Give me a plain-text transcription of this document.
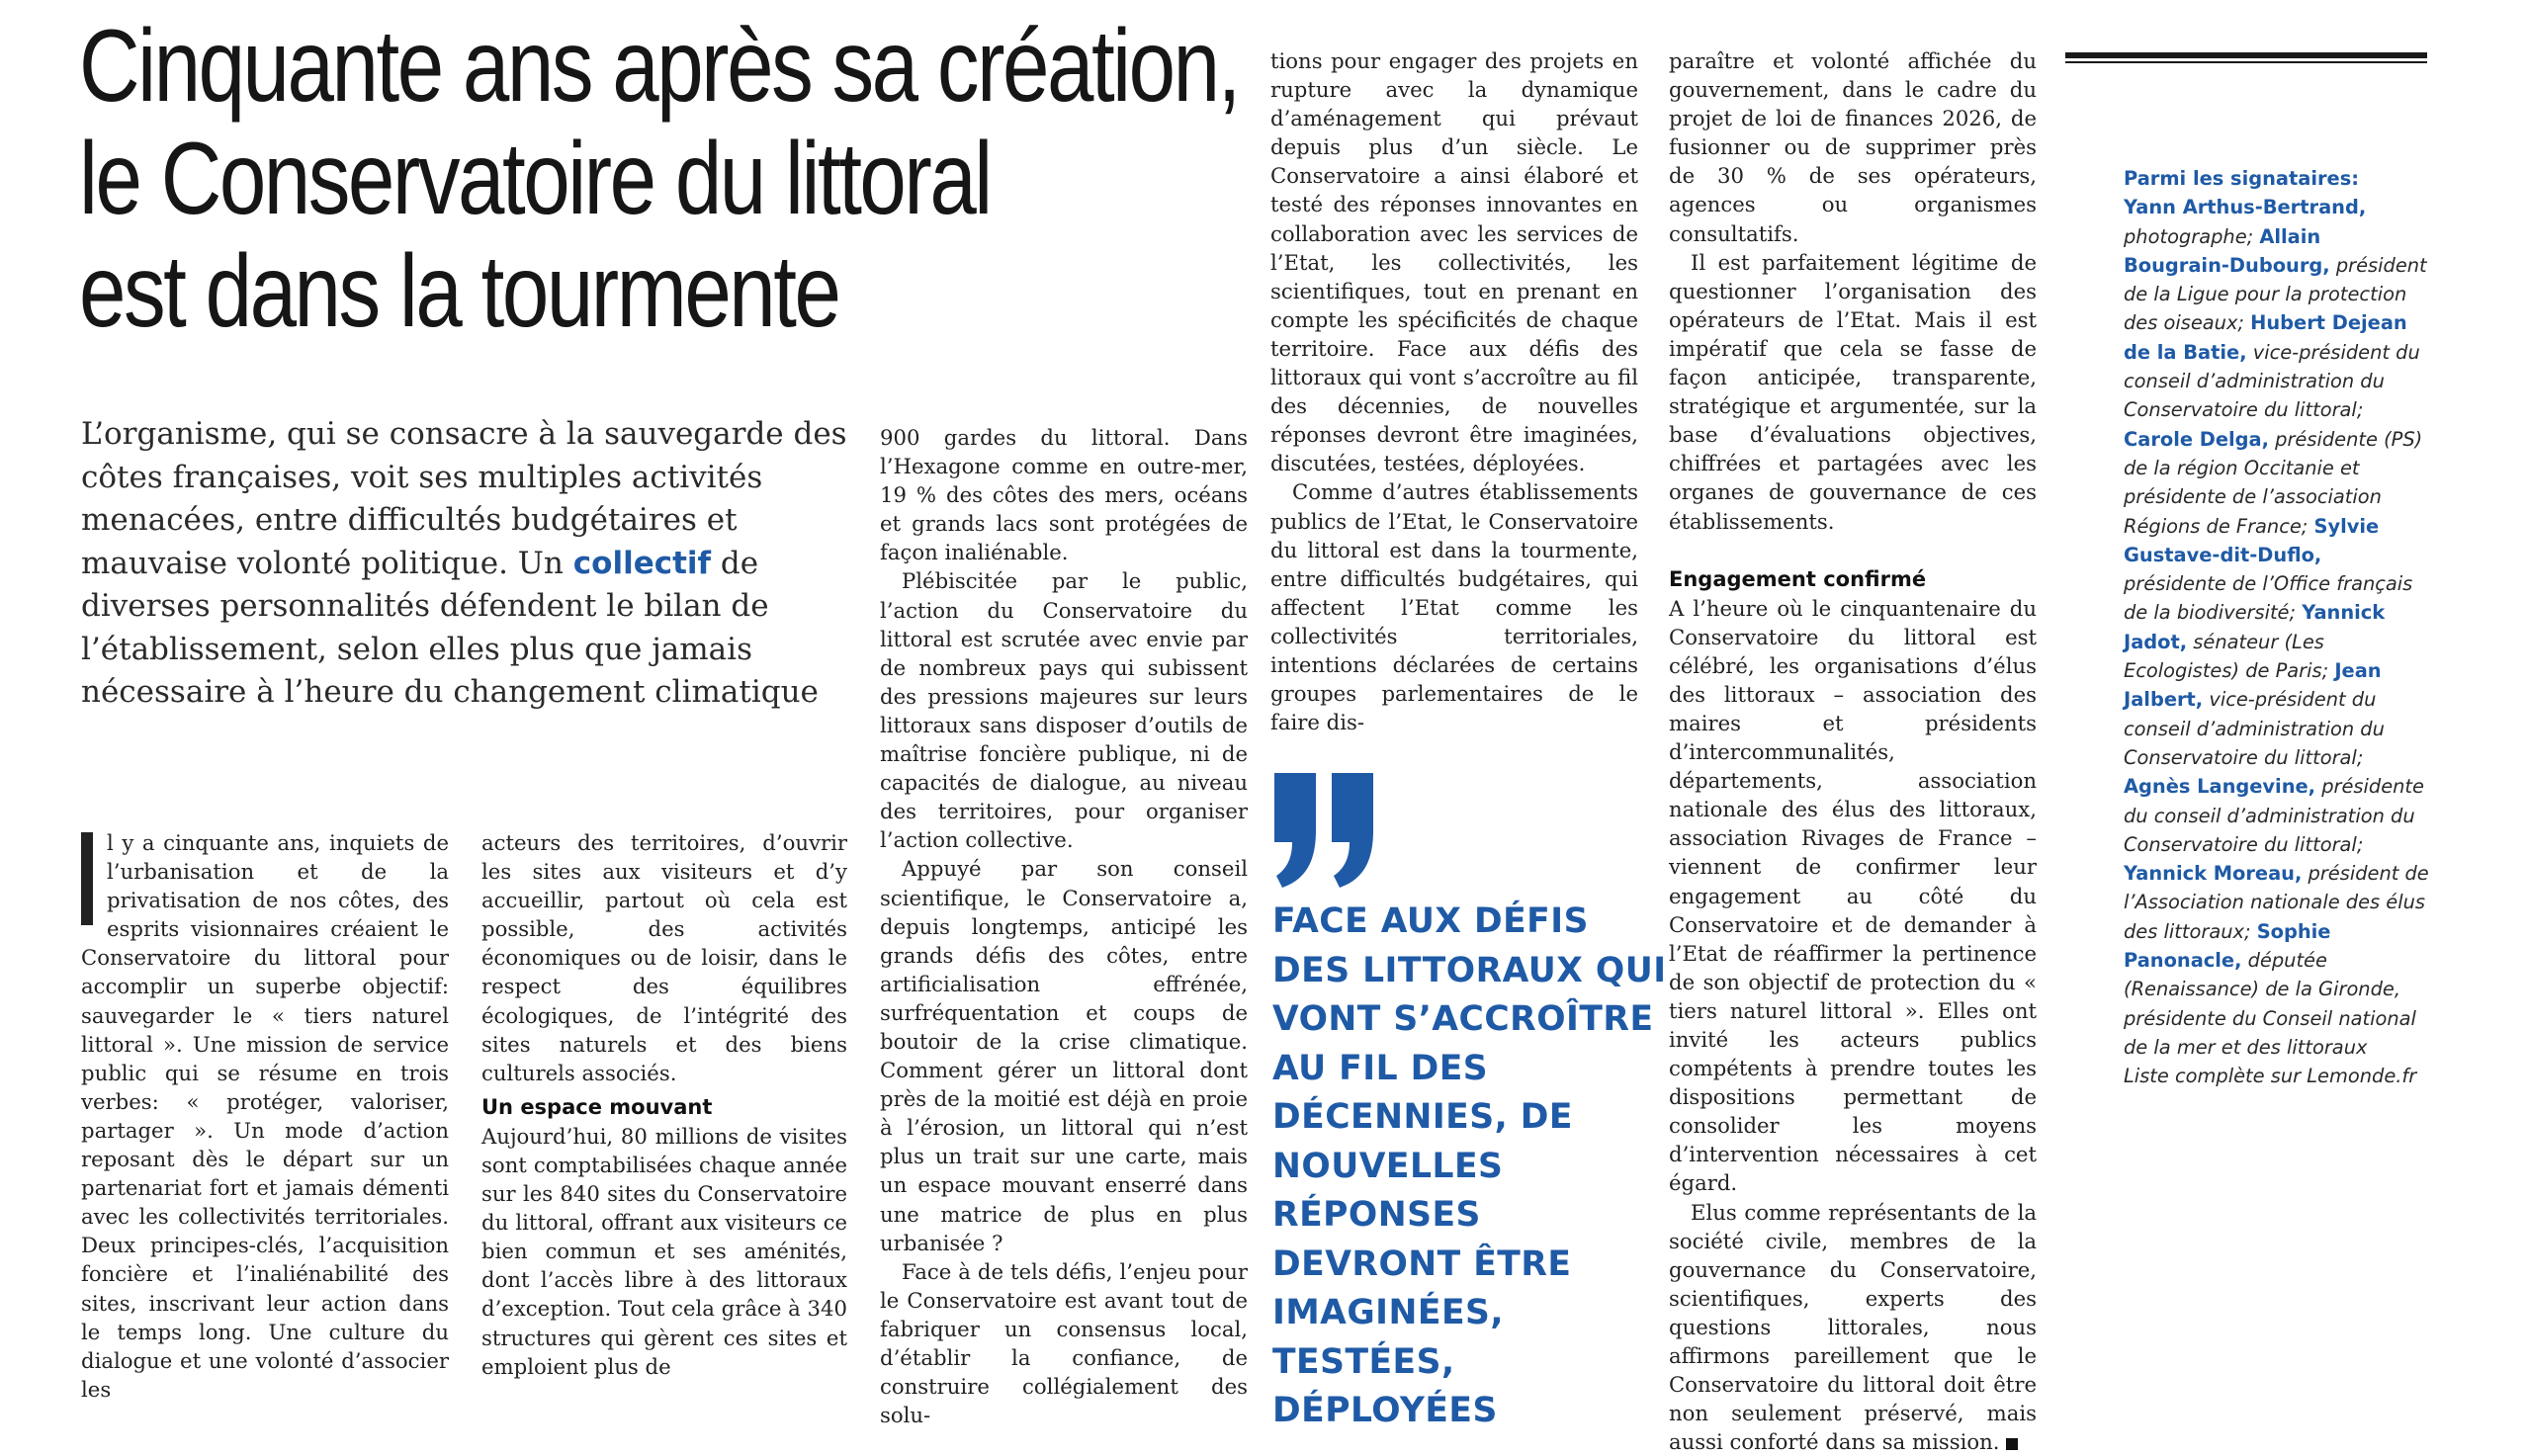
Cinquante ans après sa création,
le Conservatoire du littoral
est dans la tourmente
L’organisme, qui se consacre à la sauvegarde des côtes françaises, voit ses multiples activités menacées, entre difficultés budgétaires et mauvaise volonté politique. Un collectif de diverses personnalités défendent le bilan de l’établissement, selon elles plus que jamais nécessaire à l’heure du changement climatique

l y a cinquante ans, inquiets de l’urbanisation et de la privatisation de nos côtes, des esprits visionnaires créaient le Conservatoire du littoral pour accomplir un superbe objectif: sauvegarder le « tiers naturel littoral ». Une mission de service public qui se résume en trois verbes: « protéger, valoriser, partager ». Un mode d’action reposant dès le départ sur un partenariat fort et jamais démenti avec les collectivités territoriales. Deux principes-clés, l’acquisition foncière et l’inaliénabilité des sites, inscrivant leur action dans le temps long. Une culture du dialogue et une volonté d’associer les

acteurs des territoires, d’ouvrir les sites aux visiteurs et d’y accueillir, partout où cela est possible, des activités économiques ou de loisir, dans le respect des équilibres écologiques, de l’intégrité des sites naturels et des biens culturels associés.

Un espace mouvant

Aujourd’hui, 80 millions de visites sont comptabilisées chaque année sur les 840 sites du Conservatoire du littoral, offrant aux visiteurs ce bien commun et ses aménités, dont l’accès libre à des littoraux d’exception. Tout cela grâce à 340 structures qui gèrent ces sites et emploient plus de

900 gardes du littoral. Dans l’Hexagone comme en outre-mer, 19 % des côtes des mers, océans et grands lacs sont protégées de façon inaliénable.

Plébiscitée par le public, l’action du Conservatoire du littoral est scrutée avec envie par de nombreux pays qui subissent des pressions majeures sur leurs littoraux sans disposer d’outils de maîtrise foncière publique, ni de capacités de dialogue, au niveau des territoires, pour organiser l’action collective.

Appuyé par son conseil scientifique, le Conservatoire a, depuis longtemps, anticipé les grands défis des côtes, entre artificialisation effrénée, surfréquentation et coups de boutoir de la crise climatique. Comment gérer un littoral dont près de la moitié est déjà en proie à l’érosion, un littoral qui n’est plus un trait sur une carte, mais un espace mouvant enserré dans une matrice de plus en plus urbanisée ?

Face à de tels défis, l’enjeu pour le Conservatoire est avant tout de fabriquer un consensus local, d’établir la confiance, de construire collégialement des solu-

tions pour engager des projets en rupture avec la dynamique d’aménagement qui prévaut depuis plus d’un siècle. Le Conservatoire a ainsi élaboré et testé des réponses innovantes en collaboration avec les services de l’Etat, les collectivités, les scientifiques, tout en prenant en compte les spécificités de chaque territoire. Face aux défis des littoraux qui vont s’accroître au fil des décennies, de nouvelles réponses devront être imaginées, discutées, testées, déployées.

Comme d’autres établissements publics de l’Etat, le Conservatoire du littoral est dans la tourmente, entre difficultés budgétaires, qui affectent l’Etat comme les collectivités territoriales, intentions déclarées de certains groupes parlementaires de le faire dis-

FACE AUX DÉFIS DES LITTORAUX QUI VONT S’ACCROÎTRE AU FIL DES DÉCENNIES, DE NOUVELLES RÉPONSES DEVRONT ÊTRE IMAGINÉES, TESTÉES, DÉPLOYÉES

paraître et volonté affichée du gouvernement, dans le cadre du projet de loi de finances 2026, de fusionner ou de supprimer près de 30 % de ses opérateurs, agences ou organismes consultatifs.

Il est parfaitement légitime de questionner l’organisation des opérateurs de l’Etat. Mais il est impératif que cela se fasse de façon anticipée, transparente, stratégique et argumentée, sur la base d’évaluations objectives, chiffrées et partagées avec les organes de gouvernance de ces établissements.

Engagement confirmé

A l’heure où le cinquantenaire du Conservatoire du littoral est célébré, les organisations d’élus des littoraux – association des maires et présidents d’intercommunalités, départements, association nationale des élus des littoraux, association Rivages de France – viennent de confirmer leur engagement au côté du Conservatoire et de demander à l’Etat de réaffirmer la pertinence de son objectif de protection du « tiers naturel littoral ». Elles ont invité les acteurs publics compétents à prendre toutes les dispositions permettant de consolider les moyens d’intervention nécessaires à cet égard.

Elus comme représentants de la société civile, membres de la gouvernance du Conservatoire, scientifiques, experts des questions littorales, nous affirmons pareillement que le Conservatoire du littoral doit être non seulement préservé, mais aussi conforté dans sa mission.

Parmi les signataires:
Yann Arthus-Bertrand, photographe; Allain Bougrain-Dubourg, président de la Ligue pour la protection des oiseaux; Hubert Dejean de la Batie, vice-président du conseil d’administration du Conservatoire du littoral; Carole Delga, présidente (PS) de la région Occitanie et présidente de l’association Régions de France; Sylvie Gustave-dit-Duflo, présidente de l’Office français de la biodiversité; Yannick Jadot, sénateur (Les Ecologistes) de Paris; Jean Jalbert, vice-président du conseil d’administration du Conservatoire du littoral; Agnès Langevine, présidente du conseil d’administration du Conservatoire du littoral; Yannick Moreau, président de l’Association nationale des élus des littoraux; Sophie Panonacle, députée (Renaissance) de la Gironde, présidente du Conseil national de la mer et des littoraux
Liste complète sur Lemonde.fr
